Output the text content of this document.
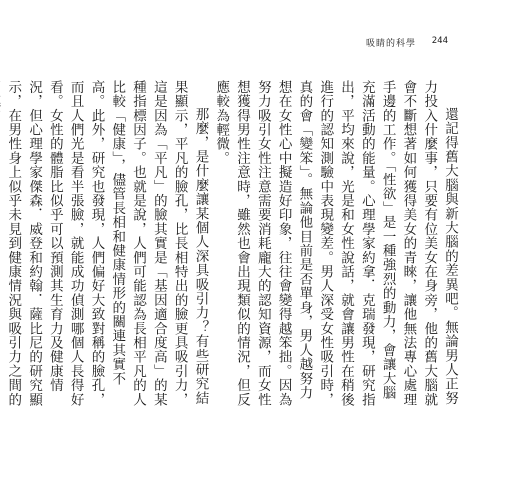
吸睛的科學 244

還記得舊大腦與新大腦的差異吧。無論男人正努力投入什麼事，只要有位美女在身旁，他的舊大腦就會不斷想著如何獲得美女的青睞，讓他無法專心處理手邊的工作。「性欲」是一種強烈的動力，會讓大腦充滿活動的能量。心理學家約拿．克瑞發現，研究指出，平均來說，光是和女性說話，就會讓男性在稍後進行的認知測驗中表現變差。男人深受女性吸引時，真的會「變笨」。無論他目前是否單身，男人越努力想在女性心中擬造好印象，往往會變得越笨拙。因為努力吸引女性注意需要消耗龐大的認知資源，而女性想獲得男性注意時，雖然也會出現類似的情況，但反應較為輕微。

那麼，是什麼讓某個人深具吸引力？有些研究結果顯示，平凡的臉孔，比長相特出的臉更具吸引力，這是因為「平凡」的臉其實是「基因適合度高」的某種指標因子。也就是說，人們可能認為長相平凡的人比較「健康」，儘管長相和健康情形的關連其實不高。此外，研究也發現，人們偏好大致對稱的臉孔，而且人們光是看半張臉，就能成功偵測哪個人長得好看。女性的體脂比似乎可以預測其生育力及健康情況，但心理學家傑森．威登和約翰．薩比尼的研究顯示，在男性身上似乎未見到健康情況與吸引力之間的
